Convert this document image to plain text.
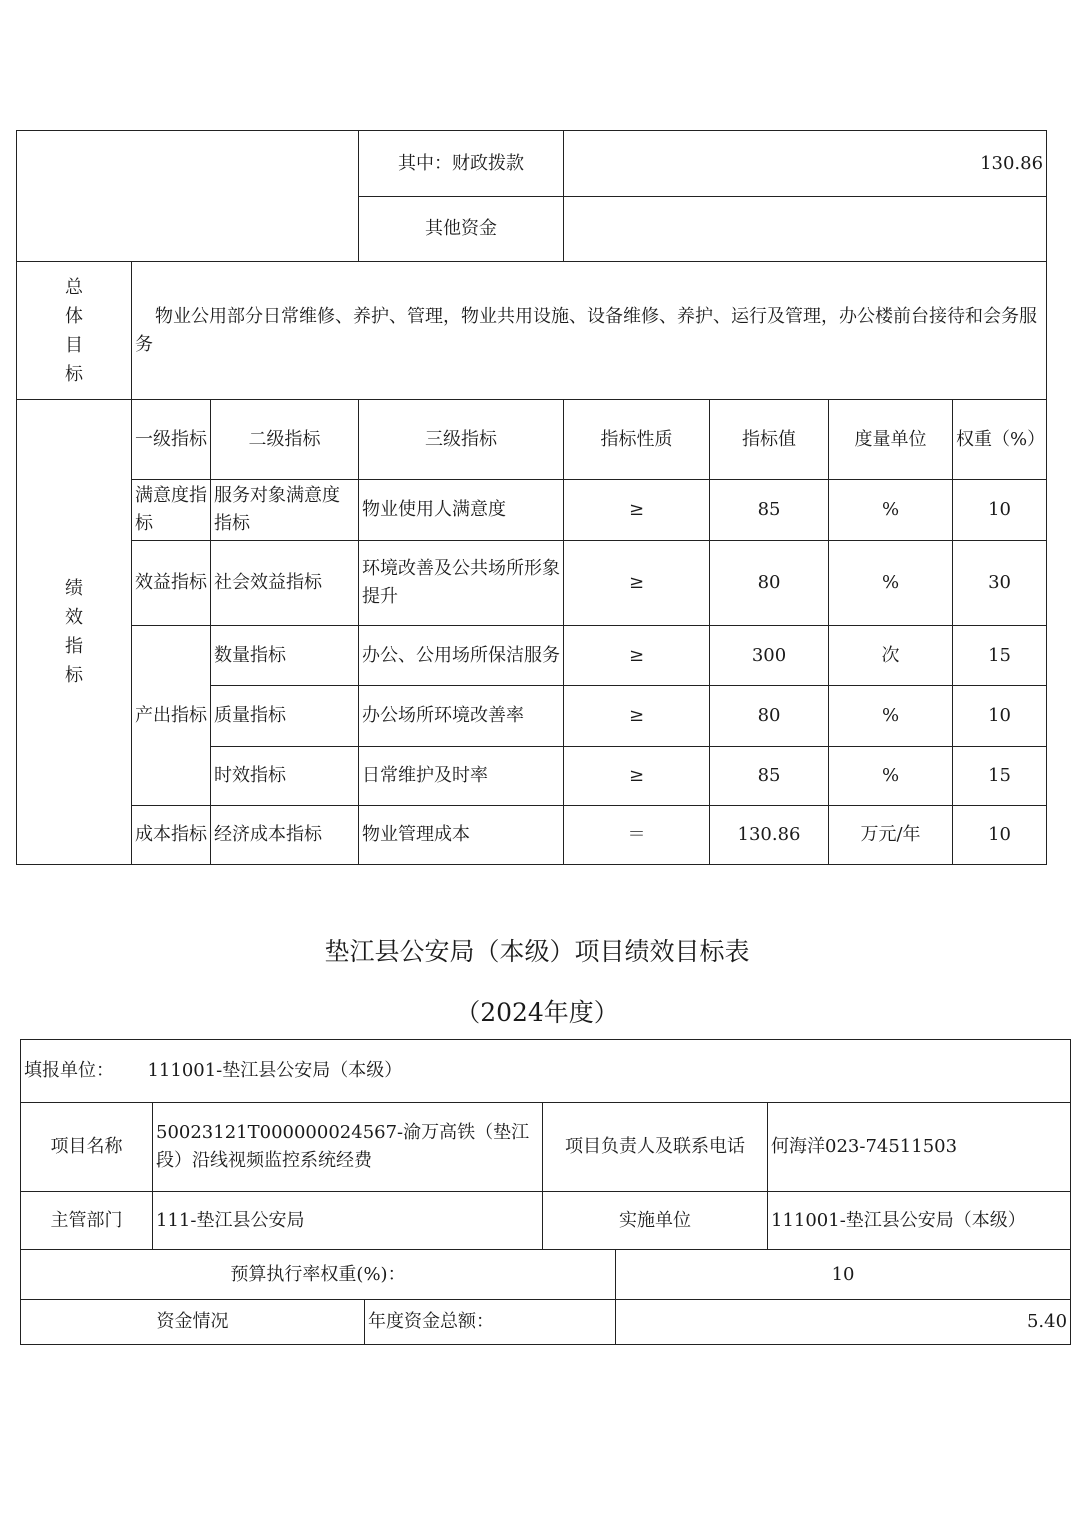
			其中：财政拨款	130.86			
			其他资金				

总
体
目
标	物业公用部分日常维修、养护、管理，物业共用设施、设备维修、养护、运行及管理，办公楼前台接待和会务服务						

绩
效
指
标	一级指标	二级指标	三级指标	指标性质	指标值	度量单位	权重（%）
	满意度指标	服务对象满意度指标	物业使用人满意度	≥	85	%	10
	效益指标	社会效益指标	环境改善及公共场所形象提升	≥	80	%	30
	产出指标	数量指标	办公、公用场所保洁服务	≥	300	次	15
		质量指标	办公场所环境改善率	≥	80	%	10
		时效指标	日常维护及时率	≥	85	%	15
	成本指标	经济成本指标	物业管理成本	＝	130.86	万元/年	10
垫江县公安局（本级）项目绩效目标表
（2024年度）
填报单位： 111001-垫江县公安局（本级）					
项目名称	50023121T000000024567-渝万高铁（垫江段）沿线视频监控系统经费		项目负责人及联系电话		何海洋023-74511503
主管部门	111-垫江县公安局		实施单位		111001-垫江县公安局（本级）
预算执行率权重(%)：				10	
资金情况		年度资金总额：		5.40	
